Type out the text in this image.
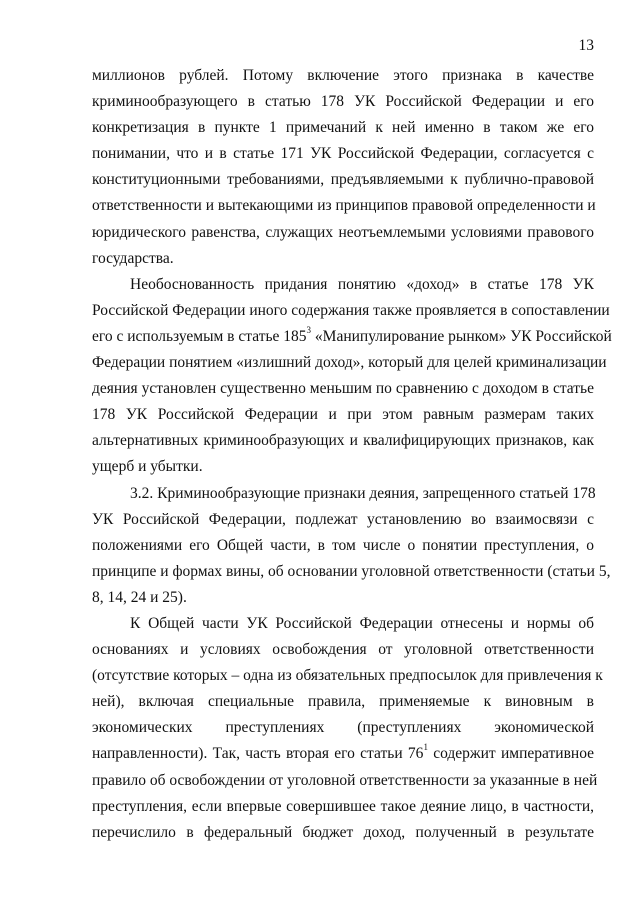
13

миллионов рублей. Потому включение этого признака в качестве
криминообразующего в статью 178 УК Российской Федерации и его
конкретизация в пункте 1 примечаний к ней именно в таком же его
понимании, что и в статье 171 УК Российской Федерации, согласуется с
конституционными требованиями, предъявляемыми к публично-правовой
ответственности и вытекающими из принципов правовой определенности и
юридического равенства, служащих неотъемлемыми условиями правового
государства.

Необоснованность придания понятию «доход» в статье 178 УК
Российской Федерации иного содержания также проявляется в сопоставлении
его с используемым в статье $185^3$ «Манипулирование рынком» УК Российской
Федерации понятием «излишний доход», который для целей криминализации
деяния установлен существенно меньшим по сравнению с доходом в статье
178 УК Российской Федерации и при этом равным размерам таких
альтернативных криминообразующих и квалифицирующих признаков, как
ущерб и убытки.

3.2. Криминообразующие признаки деяния, запрещенного статьей 178
УК Российской Федерации, подлежат установлению во взаимосвязи с
положениями его Общей части, в том числе о понятии преступления, о
принципе и формах вины, об основании уголовной ответственности (статьи 5,
8, 14, 24 и 25).

К Общей части УК Российской Федерации отнесены и нормы об
основаниях и условиях освобождения от уголовной ответственности
(отсутствие которых – одна из обязательных предпосылок для привлечения к
ней), включая специальные правила, применяемые к виновным в
экономических преступлениях (преступлениях экономической
направленности). Так, часть вторая его статьи $76^1$ содержит императивное
правило об освобождении от уголовной ответственности за указанные в ней
преступления, если впервые совершившее такое деяние лицо, в частности,
перечислило в федеральный бюджет доход, полученный в результате
